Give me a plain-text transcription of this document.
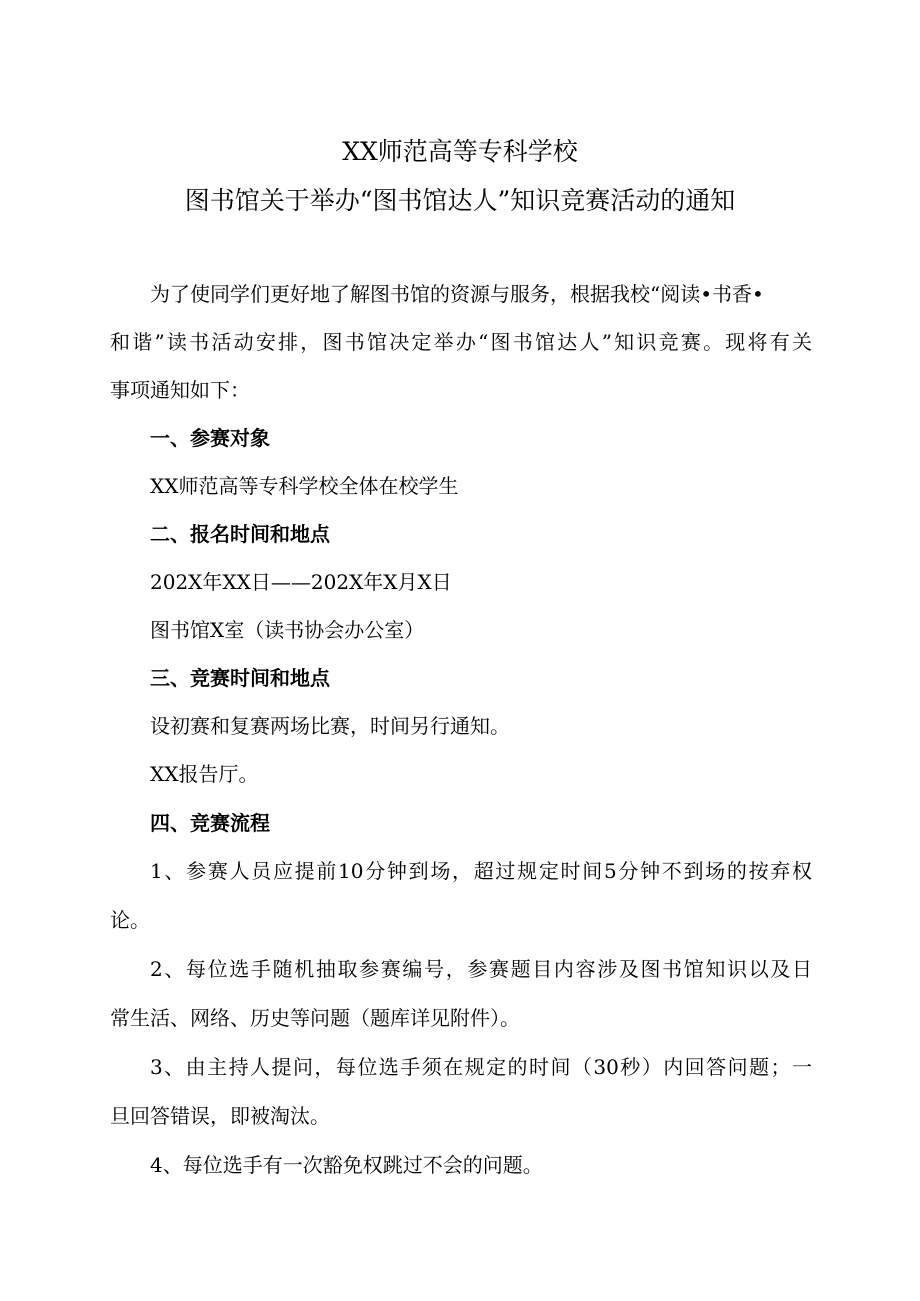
XX师范高等专科学校
图书馆关于举办“图书馆达人”知识竞赛活动的通知
为了使同学们更好地了解图书馆的资源与服务，根据我校“阅读•书香•
和谐”读书活动安排，图书馆决定举办“图书馆达人”知识竞赛。现将有关
事项通知如下：
一、参赛对象
XX师范高等专科学校全体在校学生
二、报名时间和地点
202X年XX日——202X年X月X日
图书馆X室（读书协会办公室）
三、竞赛时间和地点
设初赛和复赛两场比赛，时间另行通知。
XX报告厅。
四、竞赛流程
1、参赛人员应提前10分钟到场，超过规定时间5分钟不到场的按弃权
论。
2、每位选手随机抽取参赛编号，参赛题目内容涉及图书馆知识以及日
常生活、网络、历史等问题（题库详见附件）。
3、由主持人提问，每位选手须在规定的时间（30秒）内回答问题；一
旦回答错误，即被淘汰。
4、每位选手有一次豁免权跳过不会的问题。
